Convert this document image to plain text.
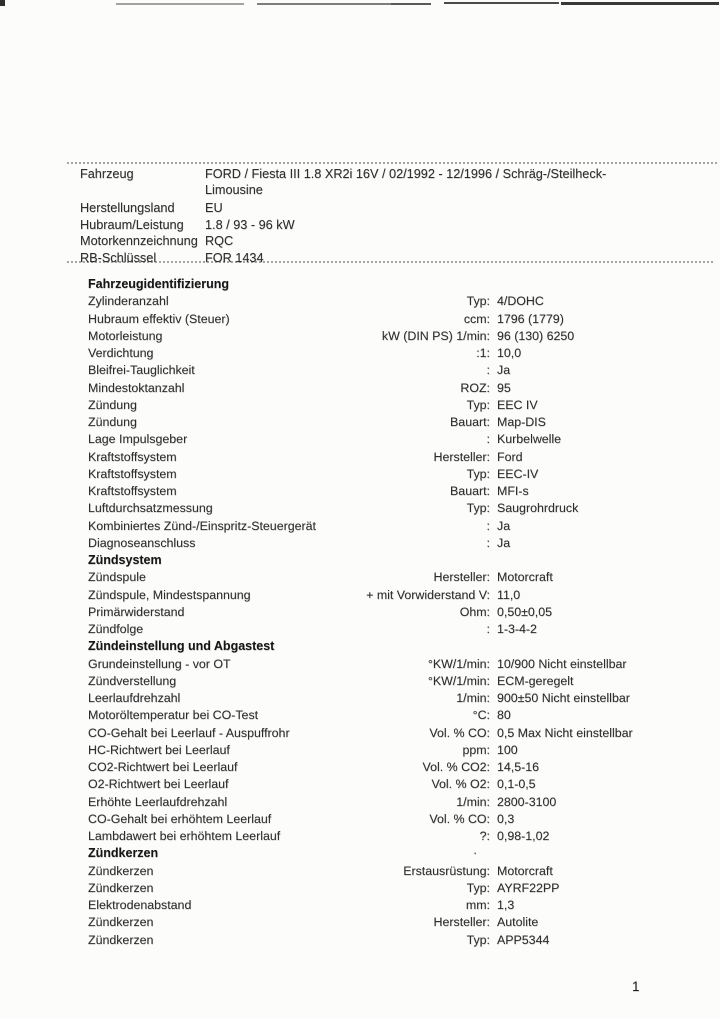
Fahrzeug	FORD / Fiesta III 1.8 XR2i 16V / 02/1992 - 12/1996 / Schräg-/Steilheck-Limousine
Herstellungsland EU
Hubraum/Leistung 1.8 / 93 - 96 kW
Motorkennzeichnung RQC
RB-Schlüssel	FOR 1434
Fahrzeugidentifizierung
Zylinderanzahl	Typ: 4/DOHC
Hubraum effektiv (Steuer)	ccm: 1796 (1779)
Motorleistung	kW (DIN PS) 1/min: 96 (130) 6250
Verdichtung	:1: 10,0
Bleifrei-Tauglichkeit	: Ja
Mindestoktanzahl	ROZ: 95
Zündung	Typ: EEC IV
Zündung	Bauart: Map-DIS
Lage Impulsgeber	: Kurbelwelle
Kraftstoffsystem	Hersteller: Ford
Kraftstoffsystem	Typ: EEC-IV
Kraftstoffsystem	Bauart: MFI-s
Luftdurchsatzmessung	Typ: Saugrohrdruck
Kombiniertes Zünd-/Einspritz-Steuergerät	: Ja
Diagnoseanschluss	: Ja
Zündsystem
Zündspule	Hersteller: Motorcraft
Zündspule, Mindestspannung	+ mit Vorwiderstand V: 11,0
Primärwiderstand	Ohm: 0,50±0,05
Zündfolge	: 1-3-4-2
Zündeinstellung und Abgastest
Grundeinstellung - vor OT	°KW/1/min: 10/900 Nicht einstellbar
Zündverstellung	°KW/1/min: ECM-geregelt
Leerlaufdrehzahl	1/min: 900±50 Nicht einstellbar
Motoröltemperatur bei CO-Test	°C: 80
CO-Gehalt bei Leerlauf - Auspuffrohr	Vol. % CO: 0,5 Max Nicht einstellbar
HC-Richtwert bei Leerlauf	ppm: 100
CO2-Richtwert bei Leerlauf	Vol. % CO2: 14,5-16
O2-Richtwert bei Leerlauf	Vol. % O2: 0,1-0,5
Erhöhte Leerlaufdrehzahl	1/min: 2800-3100
CO-Gehalt bei erhöhtem Leerlauf	Vol. % CO: 0,3
Lambdawert bei erhöhtem Leerlauf	?: 0,98-1,02
Zündkerzen	·
Zündkerzen	Erstausrüstung: Motorcraft
Zündkerzen	Typ: AYRF22PP
Elektrodenabstand	mm: 1,3
Zündkerzen	Hersteller: Autolite
Zündkerzen	Typ: APP5344
1
